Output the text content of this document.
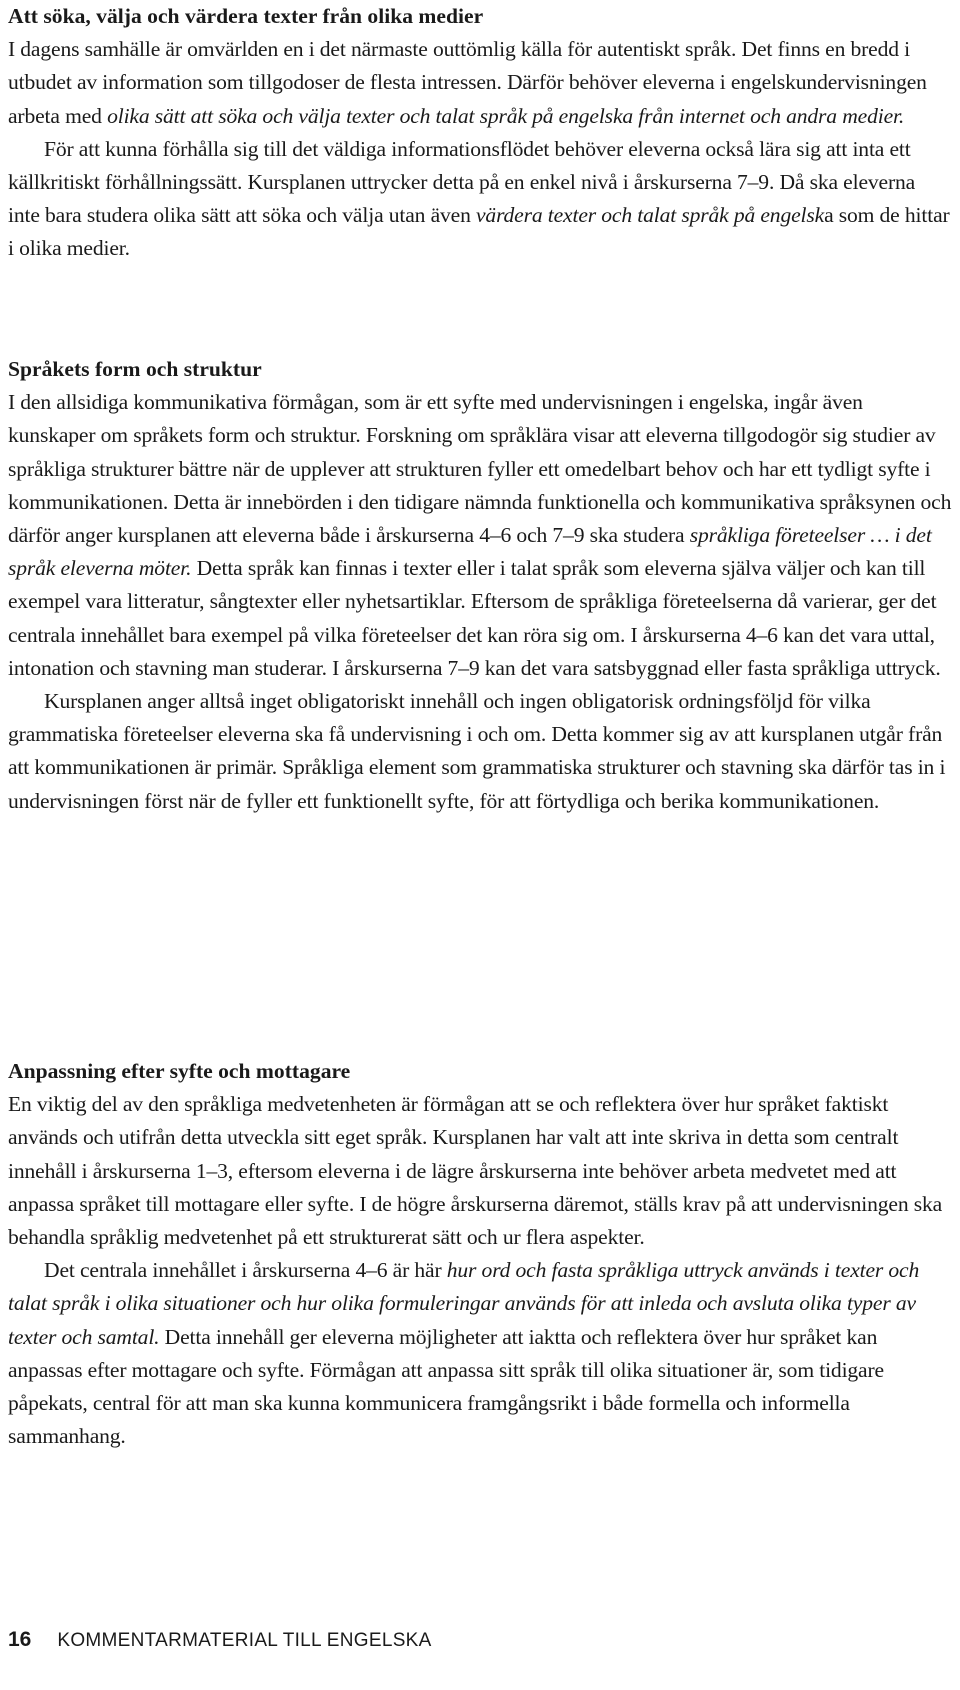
Att söka, välja och värdera texter från olika medier

I dagens samhälle är omvärlden en i det närmaste outtömlig källa för autentiskt språk. Det finns en bredd i utbudet av information som tillgodoser de flesta intressen. Därför behöver eleverna i engelskundervisningen arbeta med olika sätt att söka och välja texter och talat språk på engelska från internet och andra medier.

För att kunna förhålla sig till det väldiga informationsflödet behöver eleverna också lära sig att inta ett källkritiskt förhållningssätt. Kursplanen uttrycker detta på en enkel nivå i årskurserna 7–9. Då ska eleverna inte bara studera olika sätt att söka och välja utan även värdera texter och talat språk på engelska som de hittar i olika medier.

Språkets form och struktur

I den allsidiga kommunikativa förmågan, som är ett syfte med undervisningen i engelska, ingår även kunskaper om språkets form och struktur. Forskning om språklära visar att eleverna tillgodogör sig studier av språkliga strukturer bättre när de upplever att strukturen fyller ett omedelbart behov och har ett tydligt syfte i kommunikationen. Detta är innebörden i den tidigare nämnda funktionella och kommunikativa språksynen och därför anger kursplanen att eleverna både i årskurserna 4–6 och 7–9 ska studera språkliga företeelser … i det språk eleverna möter. Detta språk kan finnas i texter eller i talat språk som eleverna själva väljer och kan till exempel vara litteratur, sångtexter eller nyhetsartiklar. Eftersom de språkliga företeelserna då varierar, ger det centrala innehållet bara exempel på vilka företeelser det kan röra sig om. I årskurserna 4–6 kan det vara uttal, intonation och stavning man studerar. I årskurserna 7–9 kan det vara satsbyggnad eller fasta språkliga uttryck.

Kursplanen anger alltså inget obligatoriskt innehåll och ingen obligatorisk ordningsföljd för vilka grammatiska företeelser eleverna ska få undervisning i och om. Detta kommer sig av att kursplanen utgår från att kommunikationen är primär. Språkliga element som grammatiska strukturer och stavning ska därför tas in i undervisningen först när de fyller ett funktionellt syfte, för att förtydliga och berika kommunikationen.

Anpassning efter syfte och mottagare

En viktig del av den språkliga medvetenheten är förmågan att se och reflektera över hur språket faktiskt används och utifrån detta utveckla sitt eget språk. Kursplanen har valt att inte skriva in detta som centralt innehåll i årskurserna 1–3, eftersom eleverna i de lägre årskurserna inte behöver arbeta medvetet med att anpassa språket till mottagare eller syfte. I de högre årskurserna däremot, ställs krav på att undervisningen ska behandla språklig medvetenhet på ett strukturerat sätt och ur flera aspekter.

Det centrala innehållet i årskurserna 4–6 är här hur ord och fasta språkliga uttryck används i texter och talat språk i olika situationer och hur olika formuleringar används för att inleda och avsluta olika typer av texter och samtal. Detta innehåll ger eleverna möjligheter att iaktta och reflektera över hur språket kan anpassas efter mottagare och syfte. Förmågan att anpassa sitt språk till olika situationer är, som tidigare påpekats, central för att man ska kunna kommunicera framgångsrikt i både formella och informella sammanhang.

16 KOMMENTARMATERIAL TILL ENGELSKA
